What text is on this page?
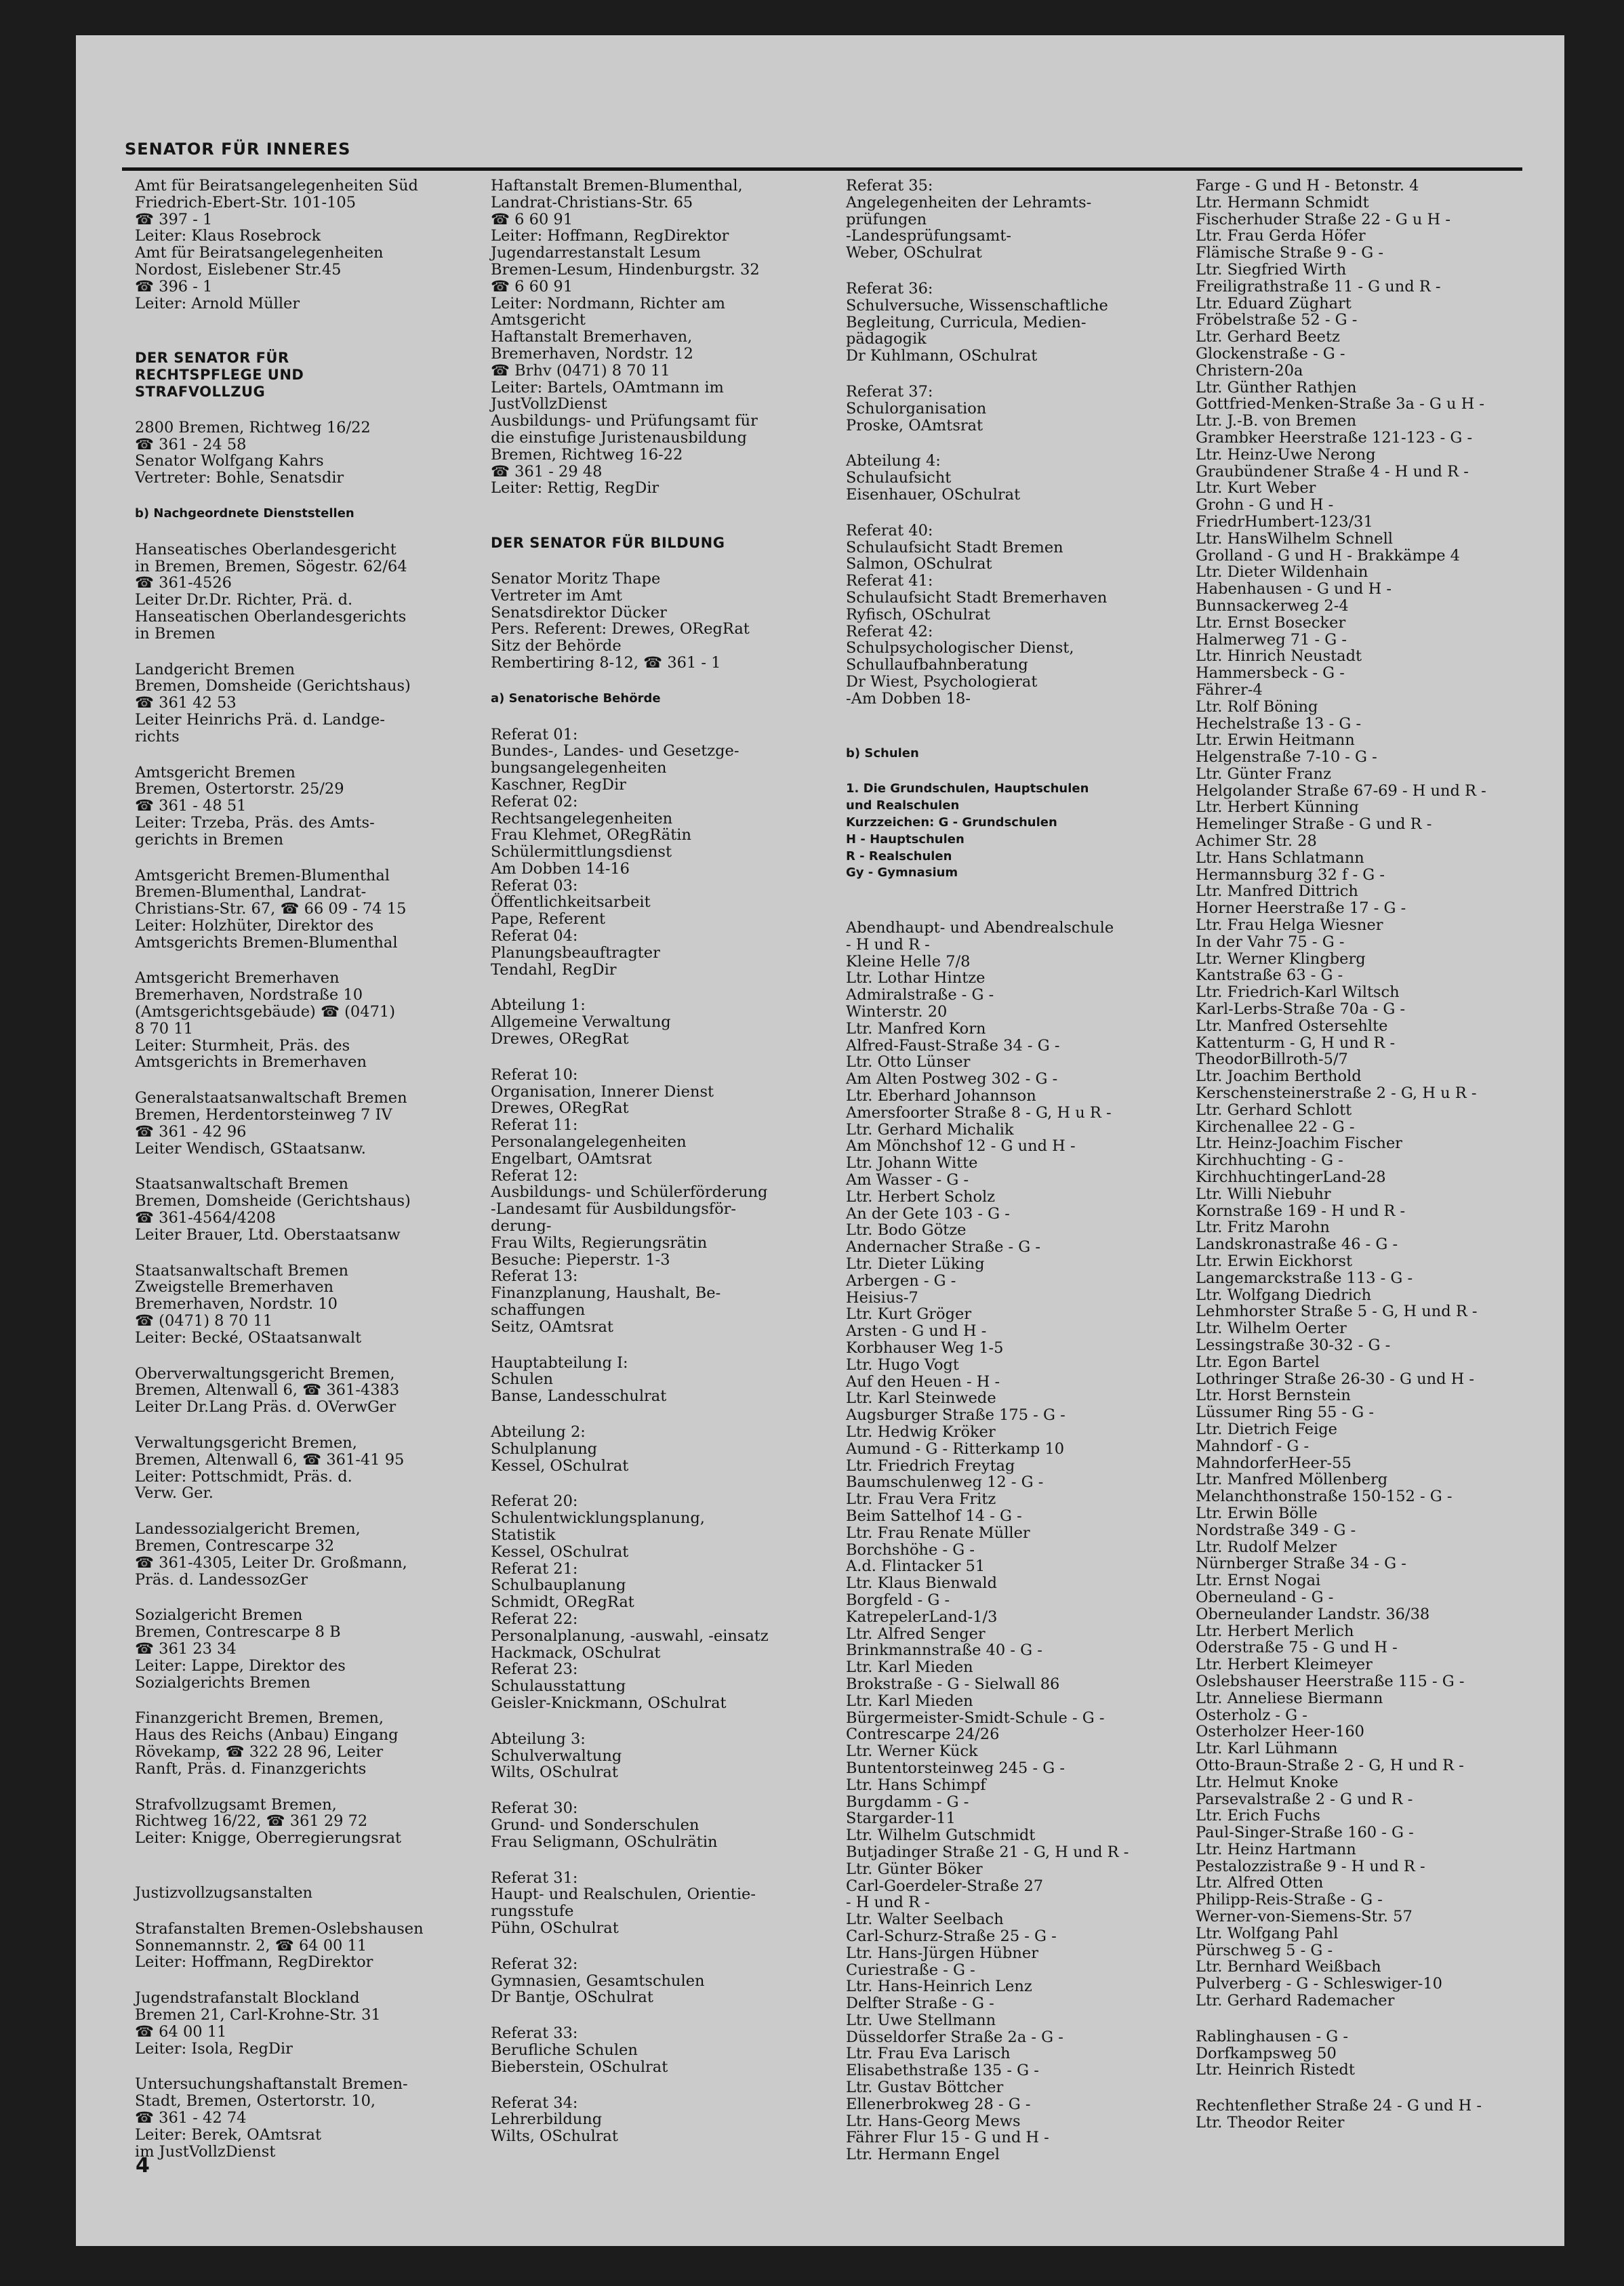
SENATOR FÜR INNERES
Amt für Beiratsangelegenheiten Süd
Friedrich-Ebert-Str. 101-105
☎ 397 - 1
Leiter: Klaus Rosebrock
Amt für Beiratsangelegenheiten
Nordost, Eislebener Str.45
☎ 396 - 1
Leiter: Arnold Müller
DER SENATOR FÜR
RECHTSPFLEGE UND
STRAFVOLLZUG
2800 Bremen, Richtweg 16/22
☎ 361 - 24 58
Senator Wolfgang Kahrs
Vertreter: Bohle, Senatsdir
b) Nachgeordnete Dienststellen
Hanseatisches Oberlandesgericht
in Bremen, Bremen, Sögestr. 62/64
☎ 361-4526
Leiter Dr.Dr. Richter, Prä. d.
Hanseatischen Oberlandesgerichts
in Bremen
Landgericht Bremen
Bremen, Domsheide (Gerichtshaus)
☎ 361 42 53
Leiter Heinrichs Prä. d. Landge-
richts
Amtsgericht Bremen
Bremen, Ostertorstr. 25/29
☎ 361 - 48 51
Leiter: Trzeba, Präs. des Amts-
gerichts in Bremen
Amtsgericht Bremen-Blumenthal
Bremen-Blumenthal, Landrat-
Christians-Str. 67, ☎ 66 09 - 74 15
Leiter: Holzhüter, Direktor des
Amtsgerichts Bremen-Blumenthal
Amtsgericht Bremerhaven
Bremerhaven, Nordstraße 10
(Amtsgerichtsgebäude) ☎ (0471)
8 70 11
Leiter: Sturmheit, Präs. des
Amtsgerichts in Bremerhaven
Generalstaatsanwaltschaft Bremen
Bremen, Herdentorsteinweg 7 IV
☎ 361 - 42 96
Leiter Wendisch, GStaatsanw.
Staatsanwaltschaft Bremen
Bremen, Domsheide (Gerichtshaus)
☎ 361-4564/4208
Leiter Brauer, Ltd. Oberstaatsanw
Staatsanwaltschaft Bremen
Zweigstelle Bremerhaven
Bremerhaven, Nordstr. 10
☎ (0471) 8 70 11
Leiter: Becké, OStaatsanwalt
Oberverwaltungsgericht Bremen,
Bremen, Altenwall 6, ☎ 361-4383
Leiter Dr.Lang Präs. d. OVerwGer
Verwaltungsgericht Bremen,
Bremen, Altenwall 6, ☎ 361-41 95
Leiter: Pottschmidt, Präs. d.
Verw. Ger.
Landessozialgericht Bremen,
Bremen, Contrescarpe 32
☎ 361-4305, Leiter Dr. Großmann,
Präs. d. LandessozGer
Sozialgericht Bremen
Bremen, Contrescarpe 8 B
☎ 361 23 34
Leiter: Lappe, Direktor des
Sozialgerichts Bremen
Finanzgericht Bremen, Bremen,
Haus des Reichs (Anbau) Eingang
Rövekamp, ☎ 322 28 96, Leiter
Ranft, Präs. d. Finanzgerichts
Strafvollzugsamt Bremen,
Richtweg 16/22, ☎ 361 29 72
Leiter: Knigge, Oberregierungsrat
Justizvollzugsanstalten
Strafanstalten Bremen-Oslebshausen
Sonnemannstr. 2, ☎ 64 00 11
Leiter: Hoffmann, RegDirektor
Jugendstrafanstalt Blockland
Bremen 21, Carl-Krohne-Str. 31
☎ 64 00 11
Leiter: Isola, RegDir
Untersuchungshaftanstalt Bremen-
Stadt, Bremen, Ostertorstr. 10,
☎ 361 - 42 74
Leiter: Berek, OAmtsrat
im JustVollzDienst
Haftanstalt Bremen-Blumenthal,
Landrat-Christians-Str. 65
☎ 6 60 91
Leiter: Hoffmann, RegDirektor
Jugendarrestanstalt Lesum
Bremen-Lesum, Hindenburgstr. 32
☎ 6 60 91
Leiter: Nordmann, Richter am
Amtsgericht
Haftanstalt Bremerhaven,
Bremerhaven, Nordstr. 12
☎ Brhv (0471) 8 70 11
Leiter: Bartels, OAmtmann im
JustVollzDienst
Ausbildungs- und Prüfungsamt für
die einstufige Juristenausbildung
Bremen, Richtweg 16-22
☎ 361 - 29 48
Leiter: Rettig, RegDir
DER SENATOR FÜR BILDUNG
Senator Moritz Thape
Vertreter im Amt
Senatsdirektor Dücker
Pers. Referent: Drewes, ORegRat
Sitz der Behörde
Rembertiring 8-12, ☎ 361 - 1
a) Senatorische Behörde
Referat 01:
Bundes-, Landes- und Gesetzge-
bungsangelegenheiten
Kaschner, RegDir
Referat 02:
Rechtsangelegenheiten
Frau Klehmet, ORegRätin
Schülermittlungsdienst
Am Dobben 14-16
Referat 03:
Öffentlichkeitsarbeit
Pape, Referent
Referat 04:
Planungsbeauftragter
Tendahl, RegDir
Abteilung 1:
Allgemeine Verwaltung
Drewes, ORegRat
Referat 10:
Organisation, Innerer Dienst
Drewes, ORegRat
Referat 11:
Personalangelegenheiten
Engelbart, OAmtsrat
Referat 12:
Ausbildungs- und Schülerförderung
-Landesamt für Ausbildungsför-
derung-
Frau Wilts, Regierungsrätin
Besuche: Pieperstr. 1-3
Referat 13:
Finanzplanung, Haushalt, Be-
schaffungen
Seitz, OAmtsrat
Hauptabteilung I:
Schulen
Banse, Landesschulrat
Abteilung 2:
Schulplanung
Kessel, OSchulrat
Referat 20:
Schulentwicklungsplanung,
Statistik
Kessel, OSchulrat
Referat 21:
Schulbauplanung
Schmidt, ORegRat
Referat 22:
Personalplanung, -auswahl, -einsatz
Hackmack, OSchulrat
Referat 23:
Schulausstattung
Geisler-Knickmann, OSchulrat
Abteilung 3:
Schulverwaltung
Wilts, OSchulrat
Referat 30:
Grund- und Sonderschulen
Frau Seligmann, OSchulrätin
Referat 31:
Haupt- und Realschulen, Orientie-
rungsstufe
Pühn, OSchulrat
Referat 32:
Gymnasien, Gesamtschulen
Dr Bantje, OSchulrat
Referat 33:
Berufliche Schulen
Bieberstein, OSchulrat
Referat 34:
Lehrerbildung
Wilts, OSchulrat
Referat 35:
Angelegenheiten der Lehramts-
prüfungen
-Landesprüfungsamt-
Weber, OSchulrat
Referat 36:
Schulversuche, Wissenschaftliche
Begleitung, Curricula, Medien-
pädagogik
Dr Kuhlmann, OSchulrat
Referat 37:
Schulorganisation
Proske, OAmtsrat
Abteilung 4:
Schulaufsicht
Eisenhauer, OSchulrat
Referat 40:
Schulaufsicht Stadt Bremen
Salmon, OSchulrat
Referat 41:
Schulaufsicht Stadt Bremerhaven
Ryfisch, OSchulrat
Referat 42:
Schulpsychologischer Dienst,
Schullaufbahnberatung
Dr Wiest, Psychologierat
-Am Dobben 18-
b) Schulen
1. Die Grundschulen, Hauptschulen
und Realschulen
Kurzzeichen: G - Grundschulen
H - Hauptschulen
R - Realschulen
Gy - Gymnasium
Abendhaupt- und Abendrealschule
- H und R -
Kleine Helle 7/8
Ltr. Lothar Hintze
Admiralstraße - G -
Winterstr. 20
Ltr. Manfred Korn
Alfred-Faust-Straße 34 - G -
Ltr. Otto Lünser
Am Alten Postweg 302 - G -
Ltr. Eberhard Johannson
Amersfoorter Straße 8 - G, H u R -
Ltr. Gerhard Michalik
Am Mönchshof 12 - G und H -
Ltr. Johann Witte
Am Wasser - G -
Ltr. Herbert Scholz
An der Gete 103 - G -
Ltr. Bodo Götze
Andernacher Straße - G -
Ltr. Dieter Lüking
Arbergen - G -
Heisius-7
Ltr. Kurt Gröger
Arsten - G und H -
Korbhauser Weg 1-5
Ltr. Hugo Vogt
Auf den Heuen - H -
Ltr. Karl Steinwede
Augsburger Straße 175 - G -
Ltr. Hedwig Kröker
Aumund - G - Ritterkamp 10
Ltr. Friedrich Freytag
Baumschulenweg 12 - G -
Ltr. Frau Vera Fritz
Beim Sattelhof 14 - G -
Ltr. Frau Renate Müller
Borchshöhe - G -
A.d. Flintacker 51
Ltr. Klaus Bienwald
Borgfeld - G -
KatrepelerLand-1/3
Ltr. Alfred Senger
Brinkmannstraße 40 - G -
Ltr. Karl Mieden
Brokstraße - G - Sielwall 86
Ltr. Karl Mieden
Bürgermeister-Smidt-Schule - G -
Contrescarpe 24/26
Ltr. Werner Kück
Buntentorsteinweg 245 - G -
Ltr. Hans Schimpf
Burgdamm - G -
Stargarder-11
Ltr. Wilhelm Gutschmidt
Butjadinger Straße 21 - G, H und R -
Ltr. Günter Böker
Carl-Goerdeler-Straße 27
- H und R -
Ltr. Walter Seelbach
Carl-Schurz-Straße 25 - G -
Ltr. Hans-Jürgen Hübner
Curiestraße - G -
Ltr. Hans-Heinrich Lenz
Delfter Straße - G -
Ltr. Uwe Stellmann
Düsseldorfer Straße 2a - G -
Ltr. Frau Eva Larisch
Elisabethstraße 135 - G -
Ltr. Gustav Böttcher
Ellenerbrokweg 28 - G -
Ltr. Hans-Georg Mews
Fährer Flur 15 - G und H -
Ltr. Hermann Engel
Farge - G und H - Betonstr. 4
Ltr. Hermann Schmidt
Fischerhuder Straße 22 - G u H -
Ltr. Frau Gerda Höfer
Flämische Straße 9 - G -
Ltr. Siegfried Wirth
Freiligrathstraße 11 - G und R -
Ltr. Eduard Züghart
Fröbelstraße 52 - G -
Ltr. Gerhard Beetz
Glockenstraße - G -
Christern-20a
Ltr. Günther Rathjen
Gottfried-Menken-Straße 3a - G u H -
Ltr. J.-B. von Bremen
Grambker Heerstraße 121-123 - G -
Ltr. Heinz-Uwe Nerong
Graubündener Straße 4 - H und R -
Ltr. Kurt Weber
Grohn - G und H -
FriedrHumbert-123/31
Ltr. HansWilhelm Schnell
Grolland - G und H - Brakkämpe 4
Ltr. Dieter Wildenhain
Habenhausen - G und H -
Bunnsackerweg 2-4
Ltr. Ernst Bosecker
Halmerweg 71 - G -
Ltr. Hinrich Neustadt
Hammersbeck - G -
Fährer-4
Ltr. Rolf Böning
Hechelstraße 13 - G -
Ltr. Erwin Heitmann
Helgenstraße 7-10 - G -
Ltr. Günter Franz
Helgolander Straße 67-69 - H und R -
Ltr. Herbert Künning
Hemelinger Straße - G und R -
Achimer Str. 28
Ltr. Hans Schlatmann
Hermannsburg 32 f - G -
Ltr. Manfred Dittrich
Horner Heerstraße 17 - G -
Ltr. Frau Helga Wiesner
In der Vahr 75 - G -
Ltr. Werner Klingberg
Kantstraße 63 - G -
Ltr. Friedrich-Karl Wiltsch
Karl-Lerbs-Straße 70a - G -
Ltr. Manfred Ostersehlte
Kattenturm - G, H und R -
TheodorBillroth-5/7
Ltr. Joachim Berthold
Kerschensteinerstraße 2 - G, H u R -
Ltr. Gerhard Schlott
Kirchenallee 22 - G -
Ltr. Heinz-Joachim Fischer
Kirchhuchting - G -
KirchhuchtingerLand-28
Ltr. Willi Niebuhr
Kornstraße 169 - H und R -
Ltr. Fritz Marohn
Landskronastraße 46 - G -
Ltr. Erwin Eickhorst
Langemarckstraße 113 - G -
Ltr. Wolfgang Diedrich
Lehmhorster Straße 5 - G, H und R -
Ltr. Wilhelm Oerter
Lessingstraße 30-32 - G -
Ltr. Egon Bartel
Lothringer Straße 26-30 - G und H -
Ltr. Horst Bernstein
Lüssumer Ring 55 - G -
Ltr. Dietrich Feige
Mahndorf - G -
MahndorferHeer-55
Ltr. Manfred Möllenberg
Melanchthonstraße 150-152 - G -
Ltr. Erwin Bölle
Nordstraße 349 - G -
Ltr. Rudolf Melzer
Nürnberger Straße 34 - G -
Ltr. Ernst Nogai
Oberneuland - G -
Oberneulander Landstr. 36/38
Ltr. Herbert Merlich
Oderstraße 75 - G und H -
Ltr. Herbert Kleimeyer
Oslebshauser Heerstraße 115 - G -
Ltr. Anneliese Biermann
Osterholz - G -
Osterholzer Heer-160
Ltr. Karl Lühmann
Otto-Braun-Straße 2 - G, H und R -
Ltr. Helmut Knoke
Parsevalstraße 2 - G und R -
Ltr. Erich Fuchs
Paul-Singer-Straße 160 - G -
Ltr. Heinz Hartmann
Pestalozzistraße 9 - H und R -
Ltr. Alfred Otten
Philipp-Reis-Straße - G -
Werner-von-Siemens-Str. 57
Ltr. Wolfgang Pahl
Pürschweg 5 - G -
Ltr. Bernhard Weißbach
Pulverberg - G - Schleswiger-10
Ltr. Gerhard Rademacher
Rablinghausen - G -
Dorfkampsweg 50
Ltr. Heinrich Ristedt
Rechtenflether Straße 24 - G und H -
Ltr. Theodor Reiter
4
